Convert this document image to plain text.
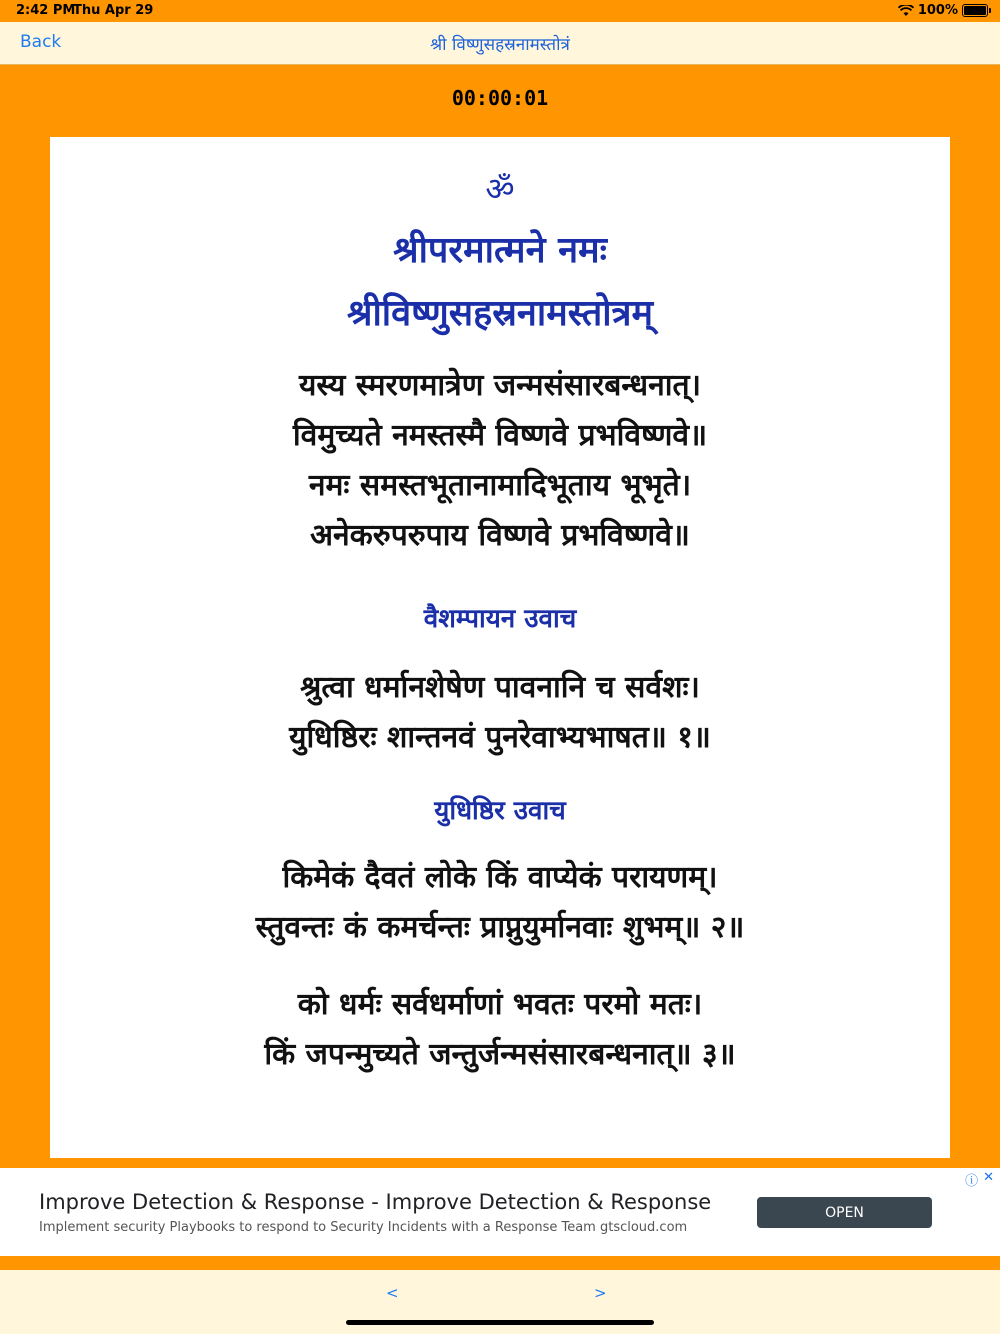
2:42 PM
Thu Apr 29	100%
Back	श्री विष्णुसहस्रनामस्तोत्रं
00:00:01
ॐ
श्रीपरमात्मने नमः
श्रीविष्णुसहस्रनामस्तोत्रम्
यस्य स्मरणमात्रेण जन्मसंसारबन्धनात्।
विमुच्यते नमस्तस्मै विष्णवे प्रभविष्णवे॥
नमः समस्तभूतानामादिभूताय भूभृते।
अनेकरुपरुपाय विष्णवे प्रभविष्णवे॥
वैशम्पायन उवाच
श्रुत्वा धर्मानशेषेण पावनानि च सर्वशः।
युधिष्ठिरः शान्तनवं पुनरेवाभ्यभाषत॥ १॥
युधिष्ठिर उवाच
किमेकं दैवतं लोके किं वाप्येकं परायणम्।
स्तुवन्तः कं कमर्चन्तः प्राप्नुयुर्मानवाः शुभम्॥ २॥
को धर्मः सर्वधर्माणां भवतः परमो मतः।
किं जपन्मुच्यते जन्तुर्जन्मसंसारबन्धनात्॥ ३॥
ⓘ ✕
Improve Detection & Response - Improve Detection & Response
Implement security Playbooks to respond to Security Incidents with a Response Team gtscloud.com
OPEN
<	>
